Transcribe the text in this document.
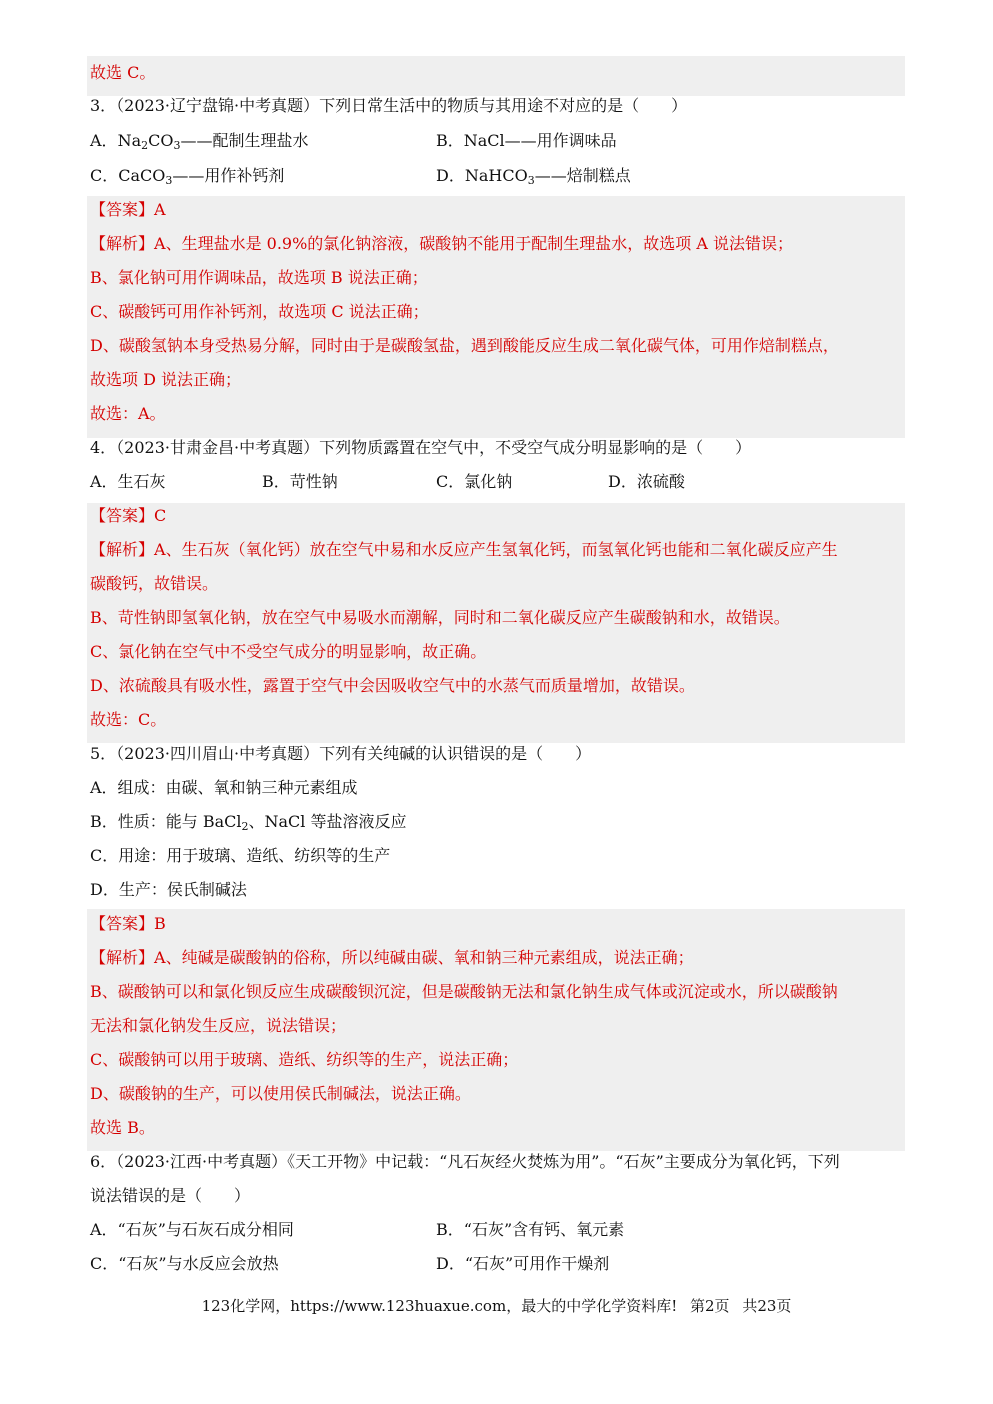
故选 C。
3．（2023·辽宁盘锦·中考真题）下列日常生活中的物质与其用途不对应的是（　　）
A．$Na_2CO_3——$配制生理盐水	B．NaCl——用作调味品
C．CaCO$_3$——用作补钙剂	D．NaHCO$_3$——焙制糕点
【答案】A
【解析】A、生理盐水是 0.9%的氯化钠溶液，碳酸钠不能用于配制生理盐水，故选项 A 说法错误；
B、氯化钠可用作调味品，故选项 B 说法正确；
C、碳酸钙可用作补钙剂，故选项 C 说法正确；
D、碳酸氢钠本身受热易分解，同时由于是碳酸氢盐，遇到酸能反应生成二氧化碳气体，可用作焙制糕点，
故选项 D 说法正确；
故选：A。
4．（2023·甘肃金昌·中考真题）下列物质露置在空气中，不受空气成分明显影响的是（　　）
A．生石灰	B．苛性钠	C．氯化钠	D．浓硫酸
【答案】C
【解析】A、生石灰（氧化钙）放在空气中易和水反应产生氢氧化钙，而氢氧化钙也能和二氧化碳反应产生
碳酸钙，故错误。
B、苛性钠即氢氧化钠，放在空气中易吸水而潮解，同时和二氧化碳反应产生碳酸钠和水，故错误。
C、氯化钠在空气中不受空气成分的明显影响，故正确。
D、浓硫酸具有吸水性，露置于空气中会因吸收空气中的水蒸气而质量增加，故错误。
故选：C。
5．（2023·四川眉山·中考真题）下列有关纯碱的认识错误的是（　　）
A．组成：由碳、氧和钠三种元素组成
B．性质：能与 BaCl$_2$、NaCl 等盐溶液反应
C．用途：用于玻璃、造纸、纺织等的生产
D．生产：侯氏制碱法
【答案】B
【解析】A、纯碱是碳酸钠的俗称，所以纯碱由碳、氧和钠三种元素组成，说法正确；
B、碳酸钠可以和氯化钡反应生成碳酸钡沉淀，但是碳酸钠无法和氯化钠生成气体或沉淀或水，所以碳酸钠
无法和氯化钠发生反应，说法错误；
C、碳酸钠可以用于玻璃、造纸、纺织等的生产，说法正确；
D、碳酸钠的生产，可以使用侯氏制碱法，说法正确。
故选 B。
6．（2023·江西·中考真题）《天工开物》中记载：“凡石灰经火焚炼为用”。“石灰”主要成分为氧化钙，下列
说法错误的是（　　）
A．“石灰”与石灰石成分相同	B．“石灰”含有钙、氧元素
C．“石灰”与水反应会放热	D．“石灰”可用作干燥剂
123化学网，https://www.123huaxue.com，最大的中学化学资料库! 第2页 共23页
